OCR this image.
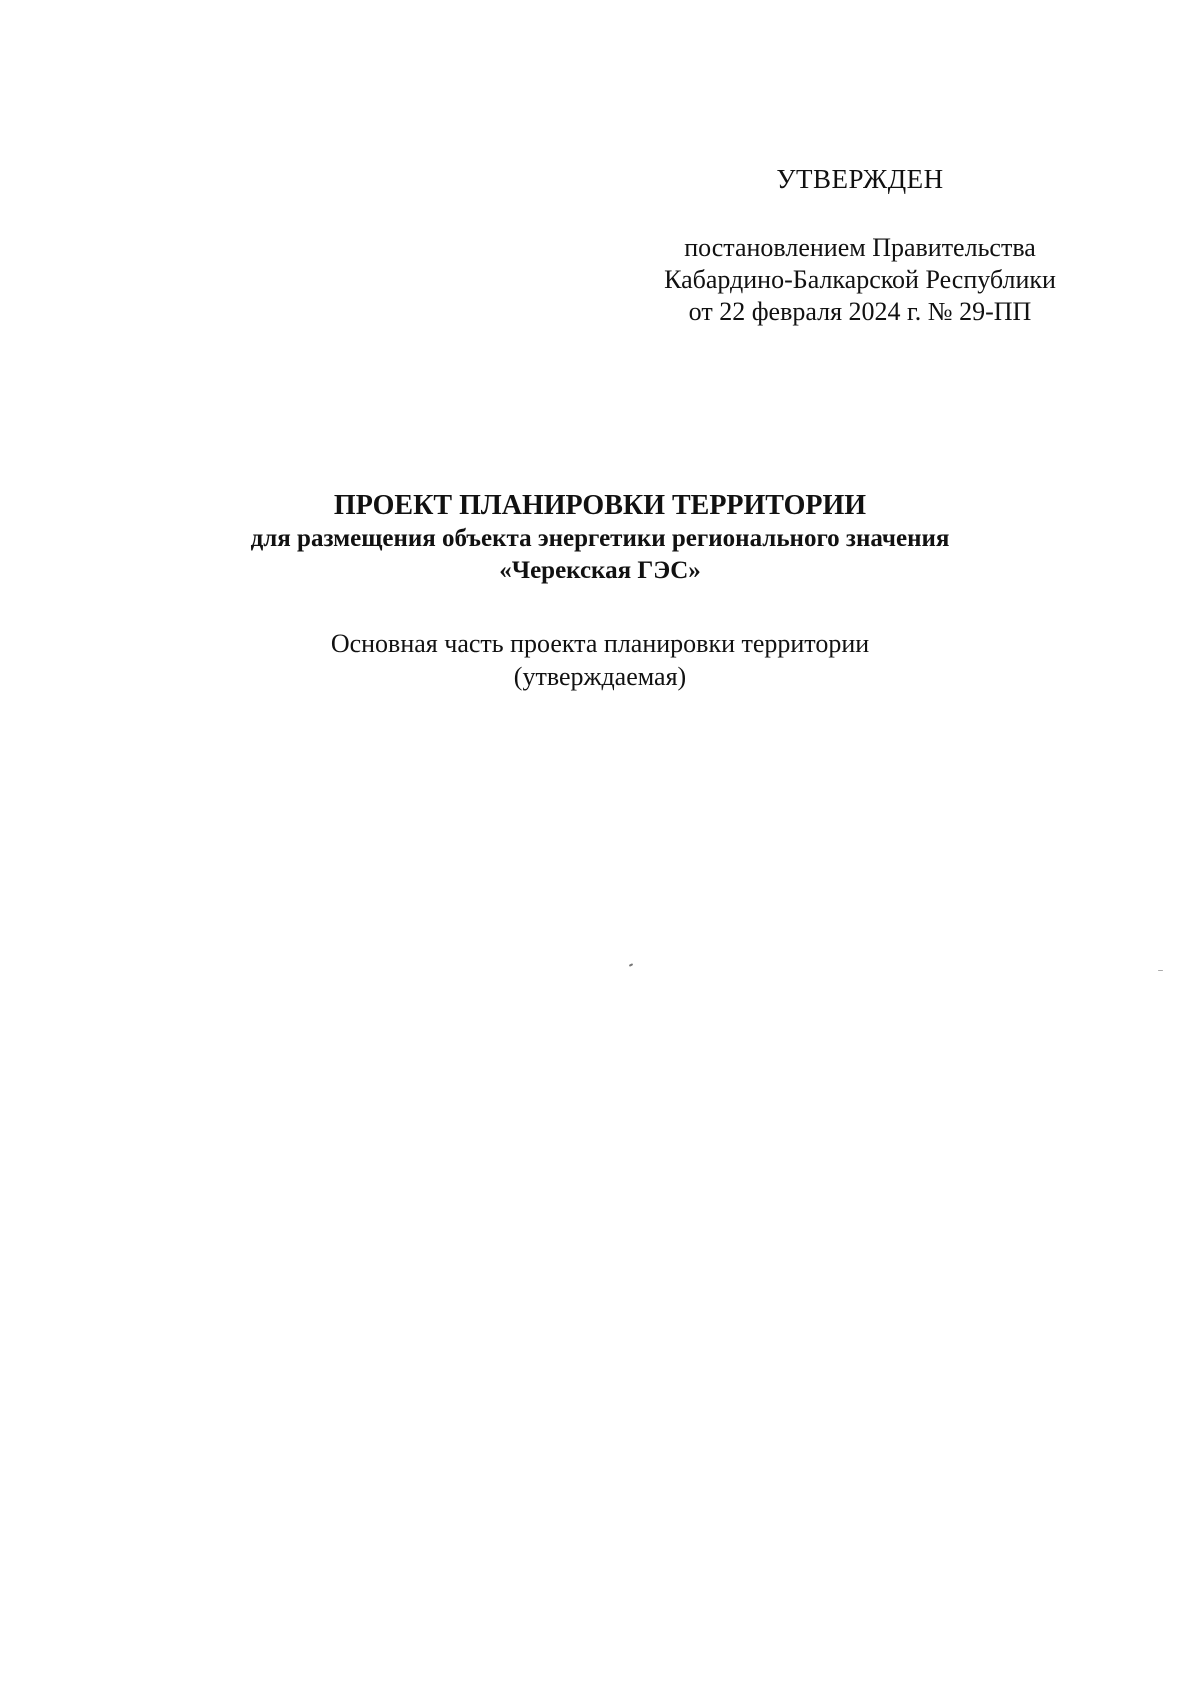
УТВЕРЖДЕН
постановлением Правительства
Кабардино-Балкарской Республики
от 22 февраля 2024 г. № 29-ПП
ПРОЕКТ ПЛАНИРОВКИ ТЕРРИТОРИИ
для размещения объекта энергетики регионального значения
«Черекская ГЭС»
Основная часть проекта планировки территории
(утверждаемая)
